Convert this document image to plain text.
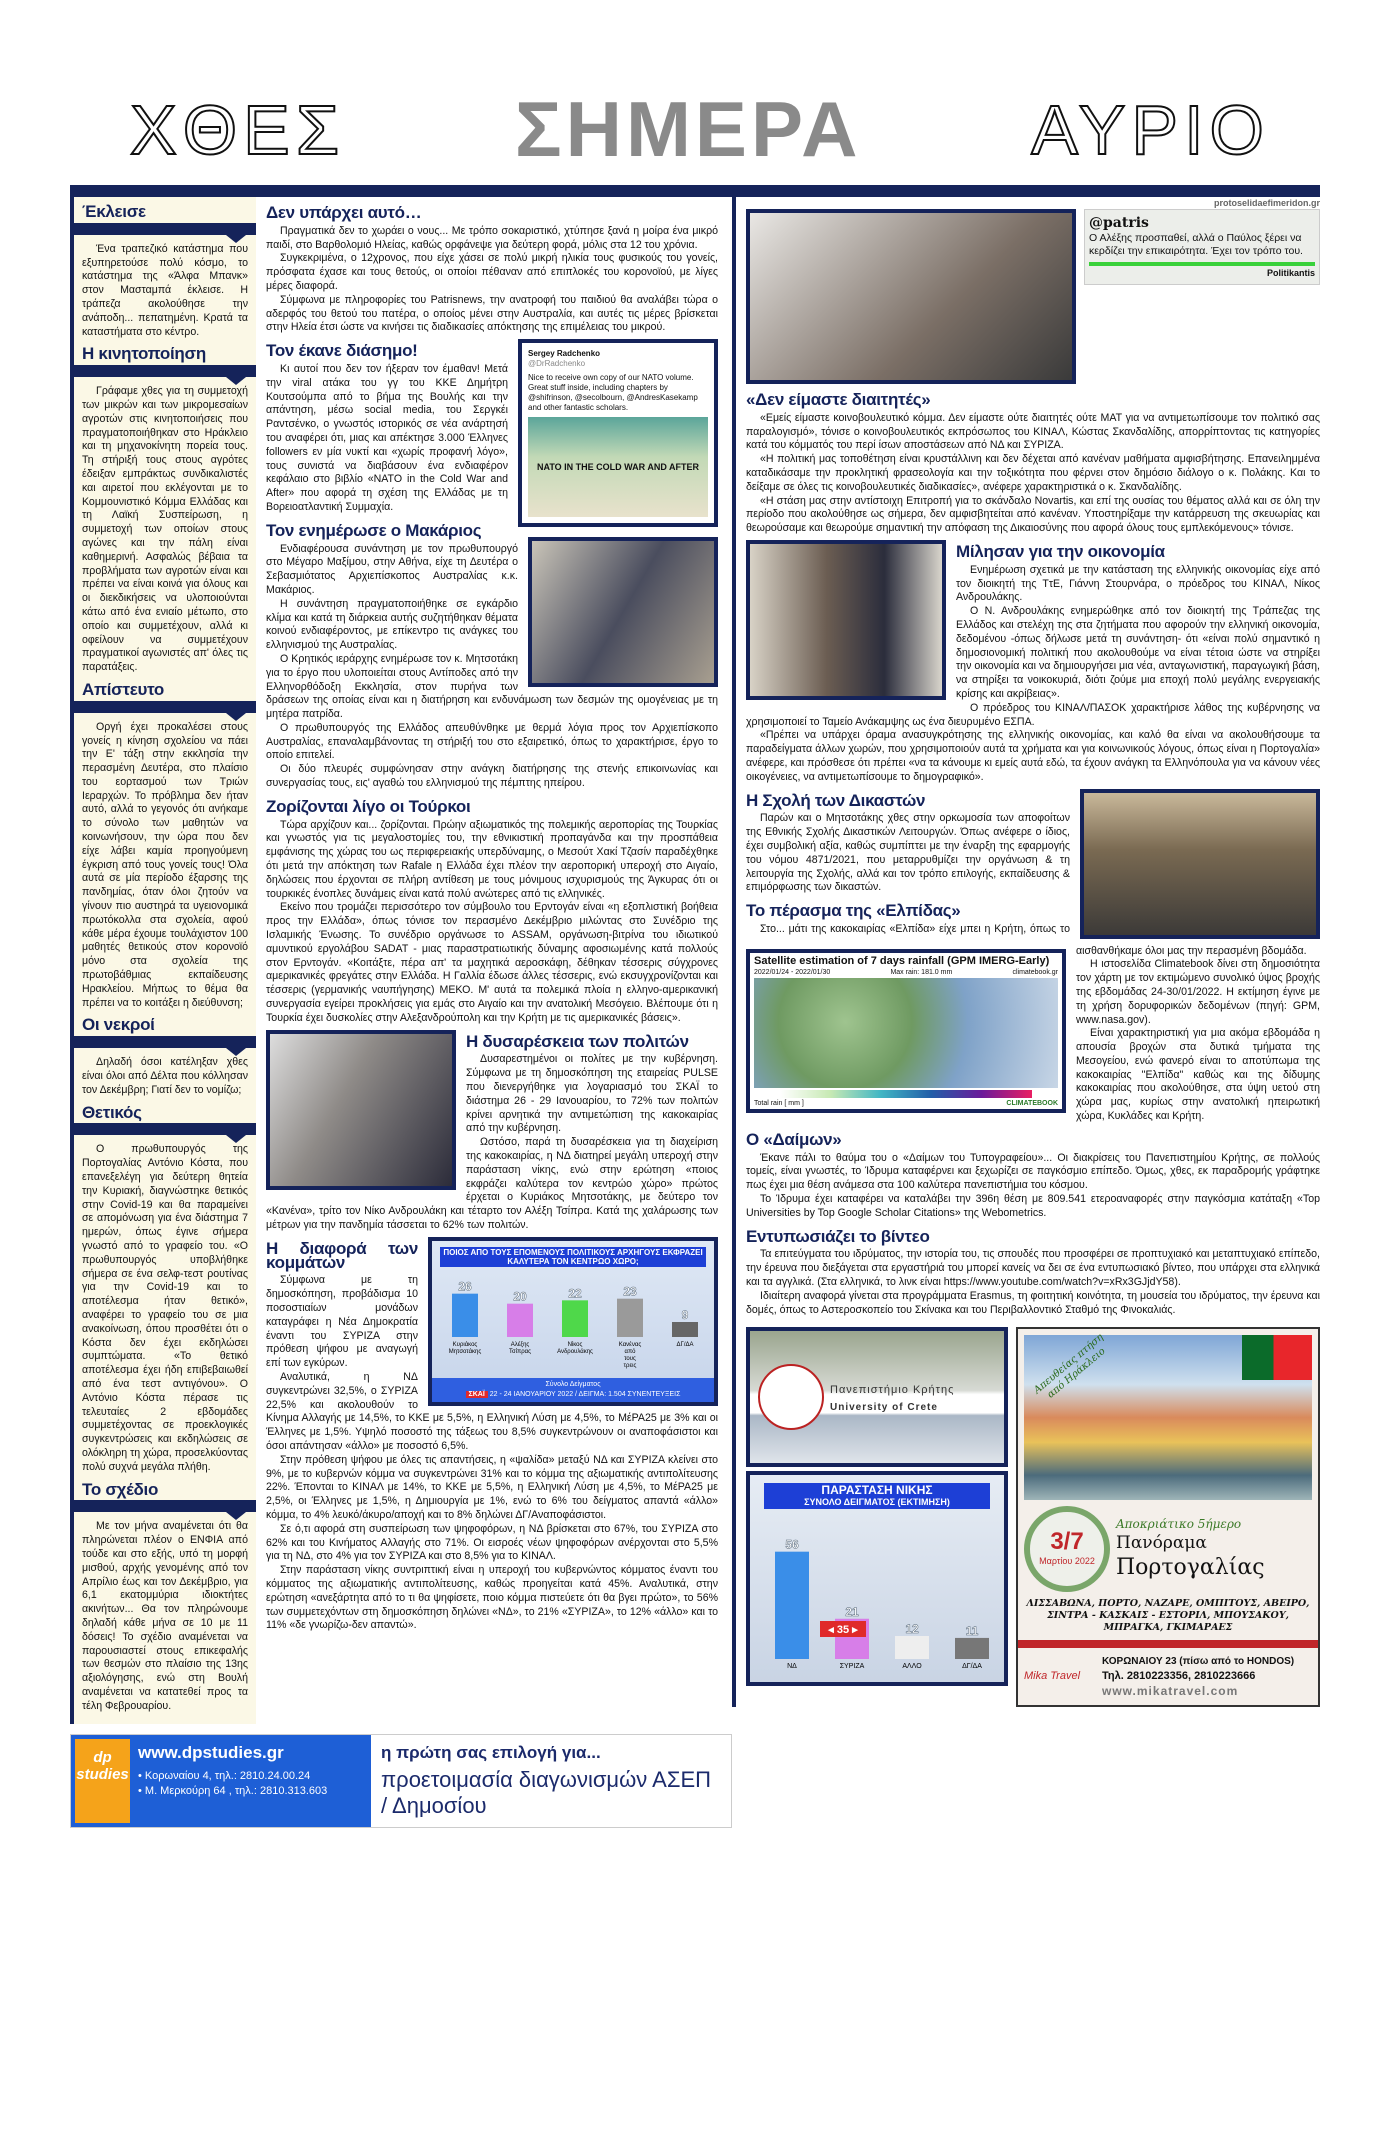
ΧΘΕΣ ΣΗΜΕΡΑ ΑΥΡΙΟ
Έκλεισε

Ένα τραπεζικό κατάστημα που εξυπηρετούσε πολύ κόσμο, το κατάστημα της «Άλφα Μπανκ» στον Μασταμπά έκλεισε. Η τράπεζα ακολούθησε την ανάποδη... πεπατημένη. Κρατά τα καταστήματα στο κέντρο.

Η κινητοποίηση

Γράφαμε χθες για τη συμμετοχή των μικρών και των μικρομεσαίων αγροτών στις κινητοποιήσεις που πραγματοποιήθηκαν στο Ηράκλειο και τη μηχανοκίνητη πορεία τους. Τη στήριξή τους στους αγρότες έδειξαν εμπράκτως συνδικαλιστές και αιρετοί που εκλέγονται με το Κομμουνιστικό Κόμμα Ελλάδας και τη Λαϊκή Συσπείρωση, η συμμετοχή των οποίων στους αγώνες και την πάλη είναι καθημερινή. Ασφαλώς βέβαια τα προβλήματα των αγροτών είναι και πρέπει να είναι κοινά για όλους και οι διεκδικήσεις να υλοποιούνται κάτω από ένα ενιαίο μέτωπο, στο οποίο και συμμετέχουν, αλλά κι οφείλουν να συμμετέχουν πραγματικοί αγωνιστές απ' όλες τις παρατάξεις.

Απίστευτο

Οργή έχει προκαλέσει στους γονείς η κίνηση σχολείου να πάει την Ε' τάξη στην εκκλησία την περασμένη Δευτέρα, στο πλαίσιο του εορτασμού των Τριών Ιεραρχών. Το πρόβλημα δεν ήταν αυτό, αλλά το γεγονός ότι ανήκαμε το σύνολο των μαθητών να κοινωνήσουν, την ώρα που δεν είχε λάβει καμία προηγούμενη έγκριση από τους γονείς τους! Όλα αυτά σε μία περίοδο έξαρσης της πανδημίας, όταν όλοι ζητούν να γίνουν πιο αυστηρά τα υγειονομικά πρωτόκολλα στα σχολεία, αφού κάθε μέρα έχουμε τουλάχιστον 100 μαθητές θετικούς στον κορονοϊό μόνο στα σχολεία της πρωτοβάθμιας εκπαίδευσης Ηρακλείου. Μήπως το θέμα θα πρέπει να το κοιτάξει η διεύθυνση;

Οι νεκροί

Δηλαδή όσοι κατέληξαν χθες είναι όλοι από Δέλτα που κόλλησαν τον Δεκέμβρη; Γιατί δεν το νομίζω;

Θετικός

Ο πρωθυπουργός της Πορτογαλίας Αντόνιο Κόστα, που επανεξελέγη για δεύτερη θητεία την Κυριακή, διαγνώστηκε θετικός στην Covid-19 και θα παραμείνει σε απομόνωση για ένα διάστημα 7 ημερών, όπως έγινε σήμερα γνωστό από το γραφείο του. «Ο πρωθυπουργός υποβλήθηκε σήμερα σε ένα σελφ-τεστ ρουτίνας για την Covid-19 και το αποτέλεσμα ήταν θετικό», αναφέρει το γραφείο του σε μια ανακοίνωση, όπου προσθέτει ότι ο Κόστα δεν έχει εκδηλώσει συμπτώματα. «Το θετικό αποτέλεσμα έχει ήδη επιβεβαιωθεί από ένα τεστ αντιγόνου». Ο Αντόνιο Κόστα πέρασε τις τελευταίες 2 εβδομάδες συμμετέχοντας σε προεκλογικές συγκεντρώσεις και εκδηλώσεις σε ολόκληρη τη χώρα, προσελκύοντας πολύ συχνά μεγάλα πλήθη.

Το σχέδιο

Με τον μήνα αναμένεται ότι θα πληρώνεται πλέον ο ΕΝΦΙΑ από τούδε και στο εξής, υπό τη μορφή μισθού, αρχής γενομένης από τον Απρίλιο έως και τον Δεκέμβριο, για 6,1 εκατομμύρια ιδιοκτήτες ακινήτων... Θα τον πληρώνουμε δηλαδή κάθε μήνα σε 10 με 11 δόσεις! Το σχέδιο αναμένεται να παρουσιαστεί στους επικεφαλής των θεσμών στο πλαίσιο της 13ης αξιολόγησης, ενώ στη Βουλή αναμένεται να κατατεθεί προς τα τέλη Φεβρουαρίου.

Δεν υπάρχει αυτό…

Πραγματικά δεν το χωράει ο νους... Με τρόπο σοκαριστικό, χτύπησε ξανά η μοίρα ένα μικρό παιδί, στο Βαρθολομιό Ηλείας, καθώς ορφάνεψε για δεύτερη φορά, μόλις στα 12 του χρόνια.

Συγκεκριμένα, ο 12χρονος, που είχε χάσει σε πολύ μικρή ηλικία τους φυσικούς του γονείς, πρόσφατα έχασε και τους θετούς, οι οποίοι πέθαναν από επιπλοκές του κορονοϊού, με λίγες μέρες διαφορά.

Σύμφωνα με πληροφορίες του Patrisnews, την ανατροφή του παιδιού θα αναλάβει τώρα ο αδερφός του θετού του πατέρα, ο οποίος μένει στην Αυστραλία, και αυτές τις μέρες βρίσκεται στην Ηλεία έτσι ώστε να κινήσει τις διαδικασίες απόκτησης της επιμέλειας του μικρού.

Sergey Radchenko
@DrRadchenko
Nice to receive own copy of our NATO volume. Great stuff inside, including chapters by @shifrinson, @secolbourn, @AndresKasekamp and other fantastic scholars.
NATO IN THE COLD WAR AND AFTER
Τον έκανε διάσημο!

Κι αυτοί που δεν τον ήξεραν τον έμαθαν! Μετά την viral ατάκα του γγ του ΚΚΕ Δημήτρη Κουτσούμπα από το βήμα της Βουλής και την απάντηση, μέσω social media, του Σεργκέι Ραντσένκο, ο γνωστός ιστορικός σε νέα ανάρτησή του αναφέρει ότι, μιας και απέκτησε 3.000 Έλληνες followers εν μία νυκτί και «χωρίς προφανή λόγο», τους συνιστά να διαβάσουν ένα ενδιαφέρον κεφάλαιο στο βιβλίο «NATO in the Cold War and After» που αφορά τη σχέση της Ελλάδας με τη Βορειοατλαντική Συμμαχία.

Τον ενημέρωσε ο Μακάριος

Ενδιαφέρουσα συνάντηση με τον πρωθυπουργό στο Μέγαρο Μαξίμου, στην Αθήνα, είχε τη Δευτέρα ο Σεβασμιότατος Αρχιεπίσκοπος Αυστραλίας κ.κ. Μακάριος.

Η συνάντηση πραγματοποιήθηκε σε εγκάρδιο κλίμα και κατά τη διάρκεια αυτής συζητήθηκαν θέματα κοινού ενδιαφέροντος, με επίκεντρο τις ανάγκες του ελληνισμού της Αυστραλίας.

Ο Κρητικός ιεράρχης ενημέρωσε τον κ. Μητσοτάκη για το έργο που υλοποιείται στους Αντίποδες από την Ελληνορθόδοξη Εκκλησία, στον πυρήνα των δράσεων της οποίας είναι και η διατήρηση και ενδυνάμωση των δεσμών της ομογένειας με τη μητέρα πατρίδα.

Ο πρωθυπουργός της Ελλάδος απευθύνθηκε με θερμά λόγια προς τον Αρχιεπίσκοπο Αυστραλίας, επαναλαμβάνοντας τη στήριξή του στο εξαιρετικό, όπως το χαρακτήρισε, έργο το οποίο επιτελεί.

Οι δύο πλευρές συμφώνησαν στην ανάγκη διατήρησης της στενής επικοινωνίας και συνεργασίας τους, εις' αγαθώ του ελληνισμού της πέμπτης ηπείρου.

Ζορίζονται λίγο οι Τούρκοι

Τώρα αρχίζουν και... ζορίζονται. Πρώην αξιωματικός της πολεμικής αεροπορίας της Τουρκίας και γνωστός για τις μεγαλοστομίες του, την εθνικιστική προπαγάνδα και την προσπάθεια εμφάνισης της χώρας του ως περιφερειακής υπερδύναμης, ο Μεσούτ Χακί Τζασίν παραδέχθηκε ότι μετά την απόκτηση των Rafale η Ελλάδα έχει πλέον την αεροπορική υπεροχή στο Αιγαίο, δηλώσεις που έρχονται σε πλήρη αντίθεση με τους μόνιμους ισχυρισμούς της Άγκυρας ότι οι τουρκικές ένοπλες δυνάμεις είναι κατά πολύ ανώτερες από τις ελληνικές.

Εκείνο που τρομάζει περισσότερο τον σύμβουλο του Ερντογάν είναι «η εξοπλιστική βοήθεια προς την Ελλάδα», όπως τόνισε τον περασμένο Δεκέμβριο μιλώντας στο Συνέδριο της Ισλαμικής Ένωσης. Το συνέδριο οργάνωσε το ASSAM, οργάνωση-βιτρίνα του ιδιωτικού αμυντικού εργολάβου SADAT - μιας παραστρατιωτικής δύναμης αφοσιωμένης κατά πολλούς στον Ερντογάν. «Κοιτάξτε, πέρα απ' τα μαχητικά αεροσκάφη, δέθηκαν τέσσερις σύγχρονες αμερικανικές φρεγάτες στην Ελλάδα. Η Γαλλία έδωσε άλλες τέσσερις, ενώ εκσυγχρονίζονται και τέσσερις (γερμανικής ναυπήγησης) ΜΕΚΟ. Μ' αυτά τα πολεμικά πλοία η ελληνο-αμερικανική συνεργασία εγείρει προκλήσεις για εμάς στο Αιγαίο και την ανατολική Μεσόγειο. Βλέπουμε ότι η Τουρκία έχει δυσκολίες στην Αλεξανδρούπολη και την Κρήτη με τις αμερικανικές βάσεις».

Η δυσαρέσκεια των πολιτών

Δυσαρεστημένοι οι πολίτες με την κυβέρνηση. Σύμφωνα με τη δημοσκόπηση της εταιρείας PULSE που διενεργήθηκε για λογαριασμό του ΣΚΑΪ το διάστημα 26 - 29 Ιανουαρίου, το 72% των πολιτών κρίνει αρνητικά την αντιμετώπιση της κακοκαιρίας από την κυβέρνηση.

Ωστόσο, παρά τη δυσαρέσκεια για τη διαχείριση της κακοκαιρίας, η ΝΔ διατηρεί μεγάλη υπεροχή στην παράσταση νίκης, ενώ στην ερώτηση «ποιος εκφράζει καλύτερα τον κεντρώο χώρο» πρώτος έρχεται ο Κυριάκος Μητσοτάκης, με δεύτερο τον «Κανένα», τρίτο τον Νίκο Ανδρουλάκη και τέταρτο τον Αλέξη Τσίπρα. Κατά της χαλάρωσης των μέτρων για την πανδημία τάσσεται το 62% των πολιτών.

ΠΟΙΟΣ ΑΠΟ ΤΟΥΣ ΕΠΟΜΕΝΟΥΣ ΠΟΛΙΤΙΚΟΥΣ ΑΡΧΗΓΟΥΣ ΕΚΦΡΑΖΕΙ ΚΑΛΥΤΕΡΑ ΤΟΝ ΚΕΝΤΡΩΟ ΧΩΡΟ;
26
Κυριάκος Μητσοτάκης
20
Αλέξης Τσίπρας
22
Νίκος Ανδρουλάκης
23
Κανένας από τους τρεις
9
ΔΓ/ΔΑ
Σύνολο Δείγματος
ΣΚΑΪ 22 - 24 ΙΑΝΟΥΑΡΙΟΥ 2022 / ΔΕΙΓΜΑ: 1.504 ΣΥΝΕΝΤΕΥΞΕΙΣ
Η διαφορά των κομμάτων

Σύμφωνα με τη δημοσκόπηση, προβάδισμα 10 ποσοστιαίων μονάδων καταγράφει η Νέα Δημοκρατία έναντι του ΣΥΡΙΖΑ στην πρόθεση ψήφου με αναγωγή επί των εγκύρων.

Αναλυτικά, η ΝΔ συγκεντρώνει 32,5%, ο ΣΥΡΙΖΑ 22,5% και ακολουθούν το Κίνημα Αλλαγής με 14,5%, το ΚΚΕ με 5,5%, η Ελληνική Λύση με 4,5%, το ΜέΡΑ25 με 3% και οι Έλληνες με 1,5%. Υψηλό ποσοστό της τάξεως του 8,5% συγκεντρώνουν οι αναποφάσιστοι και όσοι απάντησαν «άλλο» με ποσοστό 6,5%.

Στην πρόθεση ψήφου με όλες τις απαντήσεις, η «ψαλίδα» μεταξύ ΝΔ και ΣΥΡΙΖΑ κλείνει στο 9%, με το κυβερνών κόμμα να συγκεντρώνει 31% και το κόμμα της αξιωματικής αντιπολίτευσης 22%. Έπονται το ΚΙΝΑΛ με 14%, το ΚΚΕ με 5,5%, η Ελληνική Λύση με 4,5%, το ΜέΡΑ25 με 2,5%, οι Έλληνες με 1,5%, η Δημιουργία με 1%, ενώ το 6% του δείγματος απαντά «άλλο» κόμμα, το 4% λευκό/άκυρο/αποχή και το 8% δηλώνει ΔΓ/Αναποφάσιστοι.

Σε ό,τι αφορά στη συσπείρωση των ψηφοφόρων, η ΝΔ βρίσκεται στο 67%, του ΣΥΡΙΖΑ στο 62% και του Κινήματος Αλλαγής στο 71%. Οι εισροές νέων ψηφοφόρων ανέρχονται στο 5,5% για τη ΝΔ, στο 4% για τον ΣΥΡΙΖΑ και στο 8,5% για το ΚΙΝΑΛ.

Στην παράσταση νίκης συντριπτική είναι η υπεροχή του κυβερνώντος κόμματος έναντι του κόμματος της αξιωματικής αντιπολίτευσης, καθώς προηγείται κατά 45%. Αναλυτικά, στην ερώτηση «ανεξάρτητα από το τι θα ψηφίσετε, ποιο κόμμα πιστεύετε ότι θα βγει πρώτο», το 56% των συμμετεχόντων στη δημοσκόπηση δηλώνει «ΝΔ», το 21% «ΣΥΡΙΖΑ», το 12% «άλλο» και το 11% «δε γνωρίζω-δεν απαντώ».

dp studies
www.dpstudies.gr
• Κορωναίου 4, τηλ.: 2810.24.00.24
• Μ. Μερκούρη 64 , τηλ.: 2810.313.603
η πρώτη σας επιλογή για...
προετοιμασία διαγωνισμών ΑΣΕΠ / Δημοσίου
protoselidaefimeridon.gr
@patris
Ο Αλέξης προσπαθεί, αλλά ο Παύλος ξέρει να κερδίζει την επικαιρότητα. Έχει τον τρόπο του.
Politikantis
«Δεν είμαστε διαιτητές»

«Εμείς είμαστε κοινοβουλευτικό κόμμα. Δεν είμαστε ούτε διαιτητές ούτε ΜΑΤ για να αντιμετωπίσουμε τον πολιτικό σας παραλογισμό», τόνισε ο κοινοβουλευτικός εκπρόσωπος του ΚΙΝΑΛ, Κώστας Σκανδαλίδης, απορρίπτοντας τις κατηγορίες κατά του κόμματός του περί ίσων αποστάσεων από ΝΔ και ΣΥΡΙΖΑ.

«Η πολιτική μας τοποθέτηση είναι κρυστάλλινη και δεν δέχεται από κανέναν μαθήματα αμφισβήτησης. Επανειλημμένα καταδικάσαμε την προκλητική φρασεολογία και την τοξικότητα που φέρνει στον δημόσιο διάλογο ο κ. Πολάκης. Και το δείξαμε σε όλες τις κοινοβουλευτικές διαδικασίες», ανέφερε χαρακτηριστικά ο κ. Σκανδαλίδης.

«Η στάση μας στην αντίστοιχη Επιτροπή για το σκάνδαλο Novartis, και επί της ουσίας του θέματος αλλά και σε όλη την περίοδο που ακολούθησε ως σήμερα, δεν αμφισβητείται από κανέναν. Υποστηρίξαμε την κατάρρευση της σκευωρίας και θεωρούσαμε και θεωρούμε σημαντική την απόφαση της Δικαιοσύνης που αφορά όλους τους εμπλεκόμενους» τόνισε.

Μίλησαν για την οικονομία

Ενημέρωση σχετικά με την κατάσταση της ελληνικής οικονομίας είχε από τον διοικητή της ΤτΕ, Γιάννη Στουρνάρα, ο πρόεδρος του ΚΙΝΑΛ, Νίκος Ανδρουλάκης.

Ο Ν. Ανδρουλάκης ενημερώθηκε από τον διοικητή της Τράπεζας της Ελλάδος και στελέχη της στα ζητήματα που αφορούν την ελληνική οικονομία, δεδομένου -όπως δήλωσε μετά τη συνάντηση- ότι «είναι πολύ σημαντικό η δημοσιονομική πολιτική που ακολουθούμε να είναι τέτοια ώστε να στηρίξει την οικονομία και να δημιουργήσει μια νέα, ανταγωνιστική, παραγωγική βάση, να στηρίξει τα νοικοκυριά, διότι ζούμε μια εποχή πολύ μεγάλης ενεργειακής κρίσης και ακρίβειας».

Ο πρόεδρος του ΚΙΝΑΛ/ΠΑΣΟΚ χαρακτήρισε λάθος της κυβέρνησης να χρησιμοποιεί το Ταμείο Ανάκαμψης ως ένα διευρυμένο ΕΣΠΑ.

«Πρέπει να υπάρχει όραμα ανασυγκρότησης της ελληνικής οικονομίας, και καλό θα είναι να ακολουθήσουμε τα παραδείγματα άλλων χωρών, που χρησιμοποιούν αυτά τα χρήματα και για κοινωνικούς λόγους, όπως είναι η Πορτογαλία» ανέφερε, και πρόσθεσε ότι πρέπει «να τα κάνουμε κι εμείς αυτά εδώ, τα έχουν ανάγκη τα Ελληνόπουλα για να κάνουν νέες οικογένειες, να αντιμετωπίσουμε το δημογραφικό».

Η Σχολή των Δικαστών

Παρών και ο Μητσοτάκης χθες στην ορκωμοσία των αποφοίτων της Εθνικής Σχολής Δικαστικών Λειτουργών. Όπως ανέφερε ο ίδιος, έχει συμβολική αξία, καθώς συμπίπτει με την έναρξη της εφαρμογής του νόμου 4871/2021, που μεταρρυθμίζει την οργάνωση & τη λειτουργία της Σχολής, αλλά και τον τρόπο επιλογής, εκπαίδευσης & επιμόρφωσης των δικαστών.

Satellite estimation of 7 days rainfall (GPM IMERG-Early)
2022/01/24 - 2022/01/30	Max rain: 181.0 mm	climatebook.gr
Total rain [ mm ]	CLIMATEBOOK
Το πέρασμα της «Ελπίδας»

Στο... μάτι της κακοκαιρίας «Ελπίδα» είχε μπει η Κρήτη, όπως το αισθανθήκαμε όλοι μας την περασμένη βδομάδα.

Η ιστοσελίδα Climatebook δίνει στη δημοσιότητα τον χάρτη με τον εκτιμώμενο συνολικό ύψος βροχής της εβδομάδας 24-30/01/2022. Η εκτίμηση έγινε με τη χρήση δορυφορικών δεδομένων (πηγή: GPM, www.nasa.gov).

Είναι χαρακτηριστική για μια ακόμα εβδομάδα η απουσία βροχών στα δυτικά τμήματα της Μεσογείου, ενώ φανερό είναι το αποτύπωμα της κακοκαιρίας "Ελπίδα" καθώς και της δίδυμης κακοκαιρίας που ακολούθησε, στα ύψη υετού στη χώρα μας, κυρίως στην ανατολική ηπειρωτική χώρα, Κυκλάδες και Κρήτη.

Ο «Δαίμων»

Έκανε πάλι το θαύμα του ο «Δαίμων του Τυπογραφείου»... Οι διακρίσεις του Πανεπιστημίου Κρήτης, σε πολλούς τομείς, είναι γνωστές, το Ίδρυμα καταφέρνει και ξεχωρίζει σε παγκόσμιο επίπεδο. Όμως, χθες, εκ παραδρομής γράφτηκε πως έχει μια θέση ανάμεσα στα 100 καλύτερα πανεπιστήμια του κόσμου.

Το Ίδρυμα έχει καταφέρει να καταλάβει την 396η θέση με 809.541 ετεροαναφορές στην παγκόσμια κατάταξη «Top Universities by Top Google Scholar Citations» της Webometrics.

Εντυπωσιάζει το βίντεο

Τα επιτεύγματα του ιδρύματος, την ιστορία του, τις σπουδές που προσφέρει σε προπτυχιακό και μεταπτυχιακό επίπεδο, την έρευνα που διεξάγεται στα εργαστήριά του μπορεί κανείς να δει σε ένα εντυπωσιακό βίντεο, που υπάρχει στα ελληνικά και τα αγγλικά. (Στα ελληνικά, το λινκ είναι https://www.youtube.com/watch?v=xRx3GJjdY58).

Ιδιαίτερη αναφορά γίνεται στα προγράμματα Erasmus, τη φοιτητική κοινότητα, τη μουσεία του ιδρύματος, την έρευνα και δομές, όπως το Αστεροσκοπείο του Σκίνακα και του Περιβαλλοντικό Σταθμό της Φινοκαλιάς.

Πανεπιστήμιο Κρήτης
University of Crete
ΠΑΡΑΣΤΑΣΗ ΝΙΚΗΣ
ΣΥΝΟΛΟ ΔΕΙΓΜΑΤΟΣ (ΕΚΤΙΜΗΣΗ)
56
ΝΔ
21
ΣΥΡΙΖΑ
12
ΑΛΛΟ
11
ΔΓ/ΔΑ
◂ 35 ▸
Απευθείας πτήση από Ηράκλειο
3/7
Μαρτίου 2022
Αποκριάτικο 5ήμερο
Πανόραμα
Πορτογαλίας
ΛΙΣΣΑΒΩΝΑ, ΠΟΡΤΟ, ΝΑΖΑΡΕ, ΟΜΠΙΤΟΥΣ, ΑΒΕΙΡΟ, ΣΙΝΤΡΑ - ΚΑΣΚΑΙΣ - ΕΣΤΟΡΙΛ, ΜΠΟΥΣΑΚΟΥ, ΜΠΡΑΓΚΑ, ΓΚΙΜΑΡΑΕΣ
Mika Travel
ΚΟΡΩΝΑΙΟΥ 23 (πίσω από το HONDOS)
Τηλ. 2810223356, 2810223666
www.mikatravel.com
